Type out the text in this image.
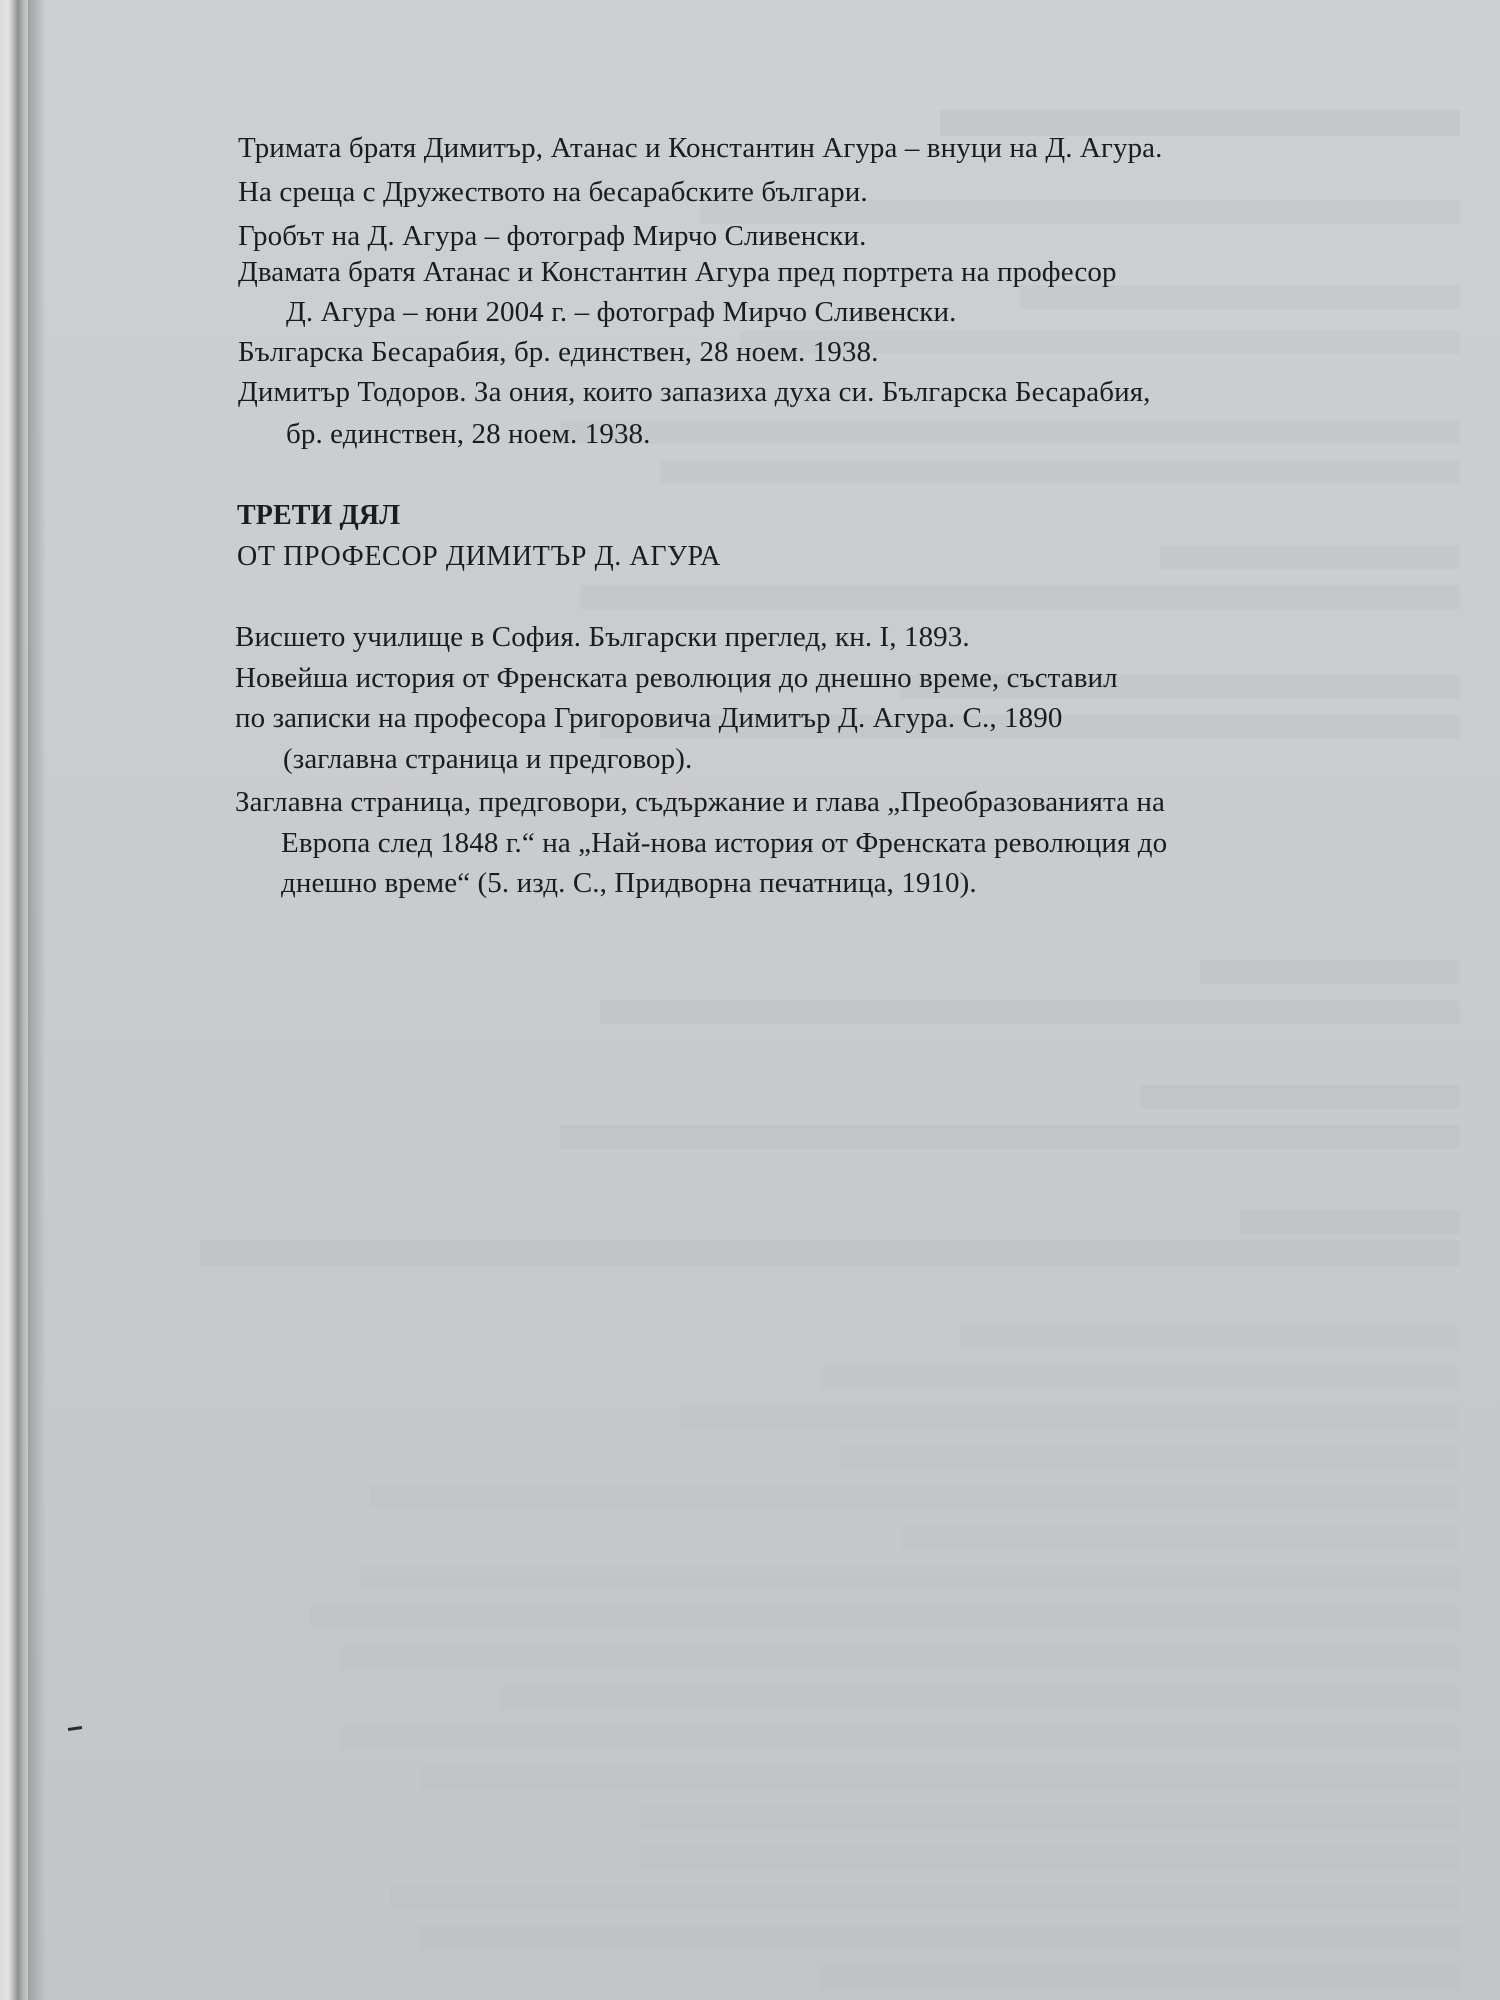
Тримата братя Димитър, Атанас и Константин Агура – внуци на Д. Агура.
На среща с Дружеството на бесарабските българи.
Гробът на Д. Агура – фотограф Мирчо Сливенски.
Двамата братя Атанас и Константин Агура пред портрета на професор
Д. Агура – юни 2004 г. – фотограф Мирчо Сливенски.
Българска Бесарабия, бр. единствен, 28 ноем. 1938.
Димитър Тодоров. За ония, които запазиха духа си. Българска Бесарабия,
бр. единствен, 28 ноем. 1938.
ТРЕТИ ДЯЛ
ОТ ПРОФЕСОР ДИМИТЪР Д. АГУРА
Висшето училище в София. Български преглед, кн. I, 1893.
Новейша история от Френската революция до днешно време, съставил
по записки на професора Григоровича Димитър Д. Агура. С., 1890
(заглавна страница и предговор).
Заглавна страница, предговори, съдържание и глава „Преобразованията на
Европа след 1848 г.“ на „Най-нова история от Френската революция до
днешно време“ (5. изд. С., Придворна печатница, 1910).
